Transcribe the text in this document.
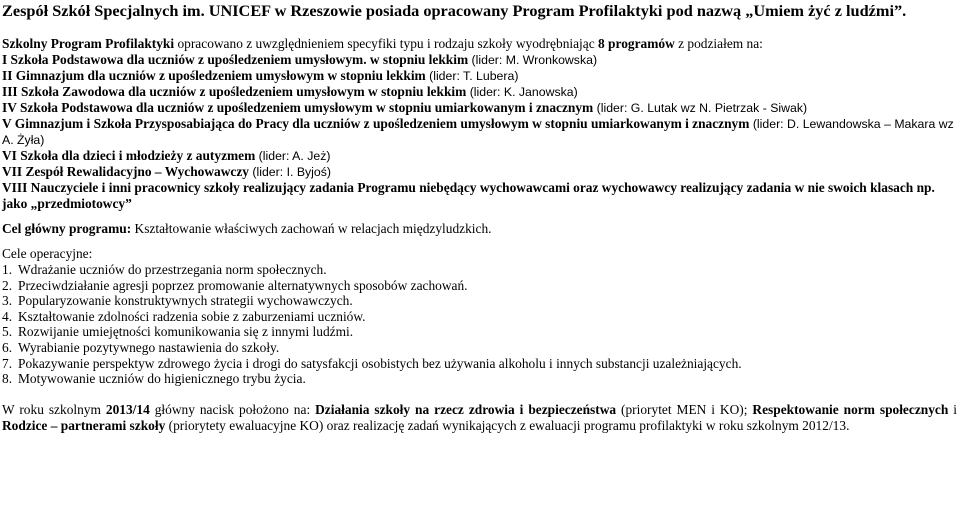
Zespół Szkół Specjalnych im. UNICEF w Rzeszowie posiada opracowany Program Profilaktyki pod nazwą „Umiem żyć z ludźmi”.

Szkolny Program Profilaktyki opracowano z uwzględnieniem specyfiki typu i rodzaju szkoły wyodrębniając 8 programów z podziałem na:

I Szkoła Podstawowa dla uczniów z upośledzeniem umysłowym. w stopniu lekkim (lider: M. Wronkowska)

II Gimnazjum dla uczniów z upośledzeniem umysłowym w stopniu lekkim (lider: T. Lubera)

III Szkoła Zawodowa dla uczniów z upośledzeniem umysłowym w stopniu lekkim (lider: K. Janowska)

IV Szkoła Podstawowa dla uczniów z upośledzeniem umysłowym w stopniu umiarkowanym i znacznym (lider: G. Lutak wz N. Pietrzak - Siwak)

V Gimnazjum i Szkoła Przysposabiająca do Pracy dla uczniów z upośledzeniem umysłowym w stopniu umiarkowanym i znacznym (lider: D. Lewandowska – Makara wz A. Żyła)

VI Szkoła dla dzieci i młodzieży z autyzmem (lider: A. Jeż)

VII Zespół Rewalidacyjno – Wychowawczy (lider: I. Byjoś)

VIII Nauczyciele i inni pracownicy szkoły realizujący zadania Programu niebędący wychowawcami oraz wychowawcy realizujący zadania w nie swoich klasach np. jako „przedmiotowcy”

Cel główny programu: Kształtowanie właściwych zachowań w relacjach międzyludzkich.

Cele operacyjne:

1. Wdrażanie uczniów do przestrzegania norm społecznych.
2. Przeciwdziałanie agresji poprzez promowanie alternatywnych sposobów zachowań.
3. Popularyzowanie konstruktywnych strategii wychowawczych.
4. Kształtowanie zdolności radzenia sobie z zaburzeniami uczniów.
5. Rozwijanie umiejętności komunikowania się z innymi ludźmi.
6. Wyrabianie pozytywnego nastawienia do szkoły.
7. Pokazywanie perspektyw zdrowego życia i drogi do satysfakcji osobistych bez używania alkoholu i innych substancji uzależniających.
8. Motywowanie uczniów do higienicznego trybu życia.

W roku szkolnym 2013/14 główny nacisk położono na: Działania szkoły na rzecz zdrowia i bezpieczeństwa (priorytet MEN i KO); Respektowanie norm społecznych i Rodzice – partnerami szkoły (priorytety ewaluacyjne KO) oraz realizację zadań wynikających z ewaluacji programu profilaktyki w roku szkolnym 2012/13.
